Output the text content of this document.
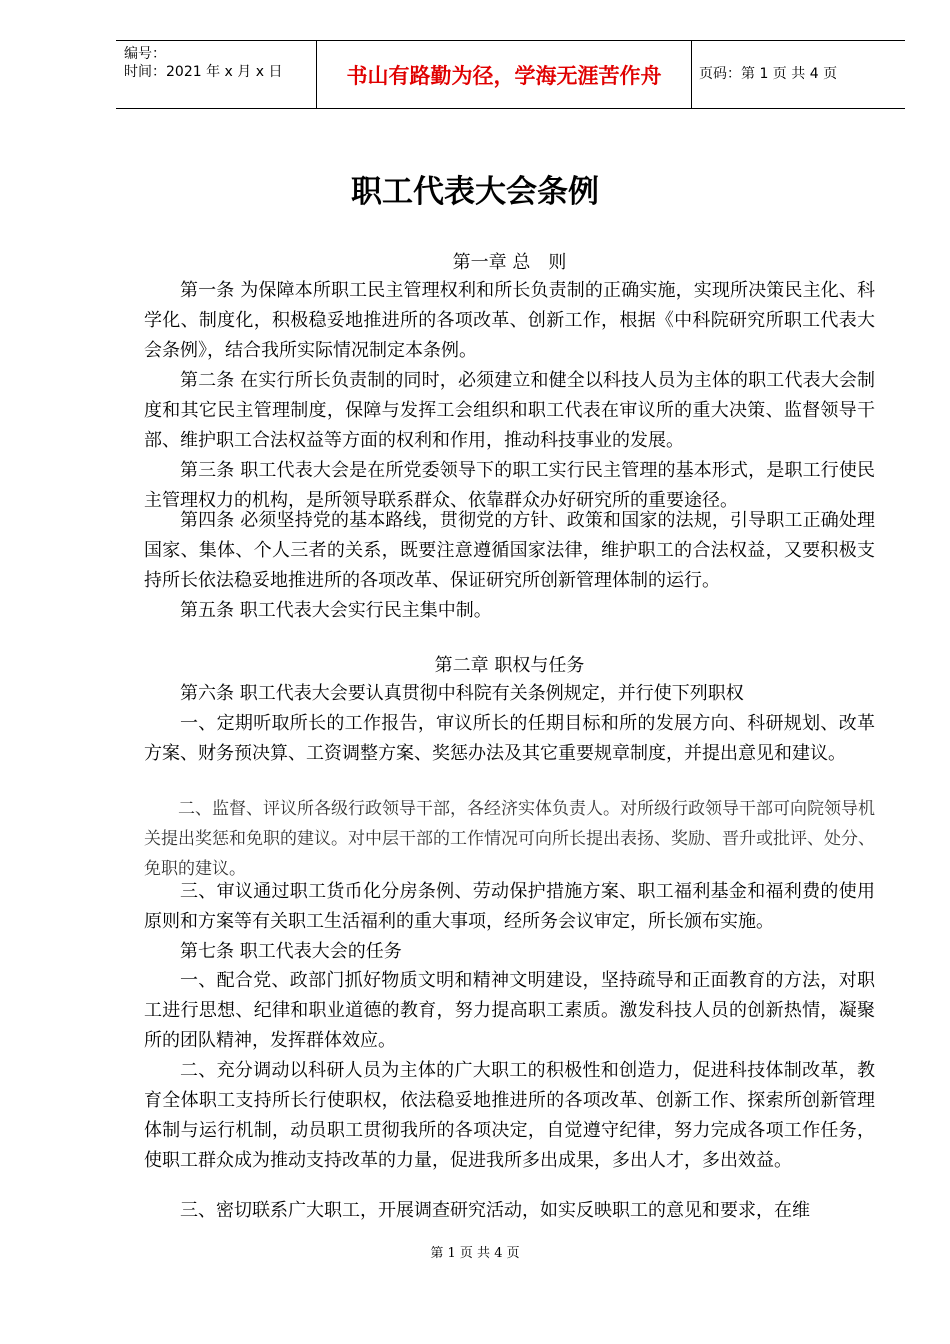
编号：
时间：2021 年 x 月 x 日	书山有路勤为径，学海无涯苦作舟	页码：第 1 页 共 4 页
职工代表大会条例
第一章 总　则
第一条 为保障本所职工民主管理权利和所长负责制的正确实施，实现所决策民主化、科学化、制度化，积极稳妥地推进所的各项改革、创新工作，根据《中科院研究所职工代表大会条例》，结合我所实际情况制定本条例。
第二条 在实行所长负责制的同时，必须建立和健全以科技人员为主体的职工代表大会制度和其它民主管理制度，保障与发挥工会组织和职工代表在审议所的重大决策、监督领导干部、维护职工合法权益等方面的权利和作用，推动科技事业的发展。
第三条 职工代表大会是在所党委领导下的职工实行民主管理的基本形式，是职工行使民主管理权力的机构，是所领导联系群众、依靠群众办好研究所的重要途径。
第四条 必须坚持党的基本路线，贯彻党的方针、政策和国家的法规，引导职工正确处理国家、集体、个人三者的关系，既要注意遵循国家法律，维护职工的合法权益，又要积极支持所长依法稳妥地推进所的各项改革、保证研究所创新管理体制的运行。
第五条 职工代表大会实行民主集中制。
第二章 职权与任务
第六条 职工代表大会要认真贯彻中科院有关条例规定，并行使下列职权
一、定期听取所长的工作报告，审议所长的任期目标和所的发展方向、科研规划、改革方案、财务预决算、工资调整方案、奖惩办法及其它重要规章制度，并提出意见和建议。
二、监督、评议所各级行政领导干部，各经济实体负责人。对所级行政领导干部可向院领导机关提出奖惩和免职的建议。对中层干部的工作情况可向所长提出表扬、奖励、晋升或批评、处分、免职的建议。
三、审议通过职工货币化分房条例、劳动保护措施方案、职工福利基金和福利费的使用原则和方案等有关职工生活福利的重大事项，经所务会议审定，所长颁布实施。
第七条 职工代表大会的任务
一、配合党、政部门抓好物质文明和精神文明建设，坚持疏导和正面教育的方法，对职工进行思想、纪律和职业道德的教育，努力提高职工素质。激发科技人员的创新热情，凝聚所的团队精神，发挥群体效应。
二、充分调动以科研人员为主体的广大职工的积极性和创造力，促进科技体制改革，教育全体职工支持所长行使职权，依法稳妥地推进所的各项改革、创新工作、探索所创新管理体制与运行机制，动员职工贯彻我所的各项决定，自觉遵守纪律，努力完成各项工作任务，使职工群众成为推动支持改革的力量，促进我所多出成果，多出人才，多出效益。
三、密切联系广大职工，开展调查研究活动，如实反映职工的意见和要求，在维
第 1 页 共 4 页
